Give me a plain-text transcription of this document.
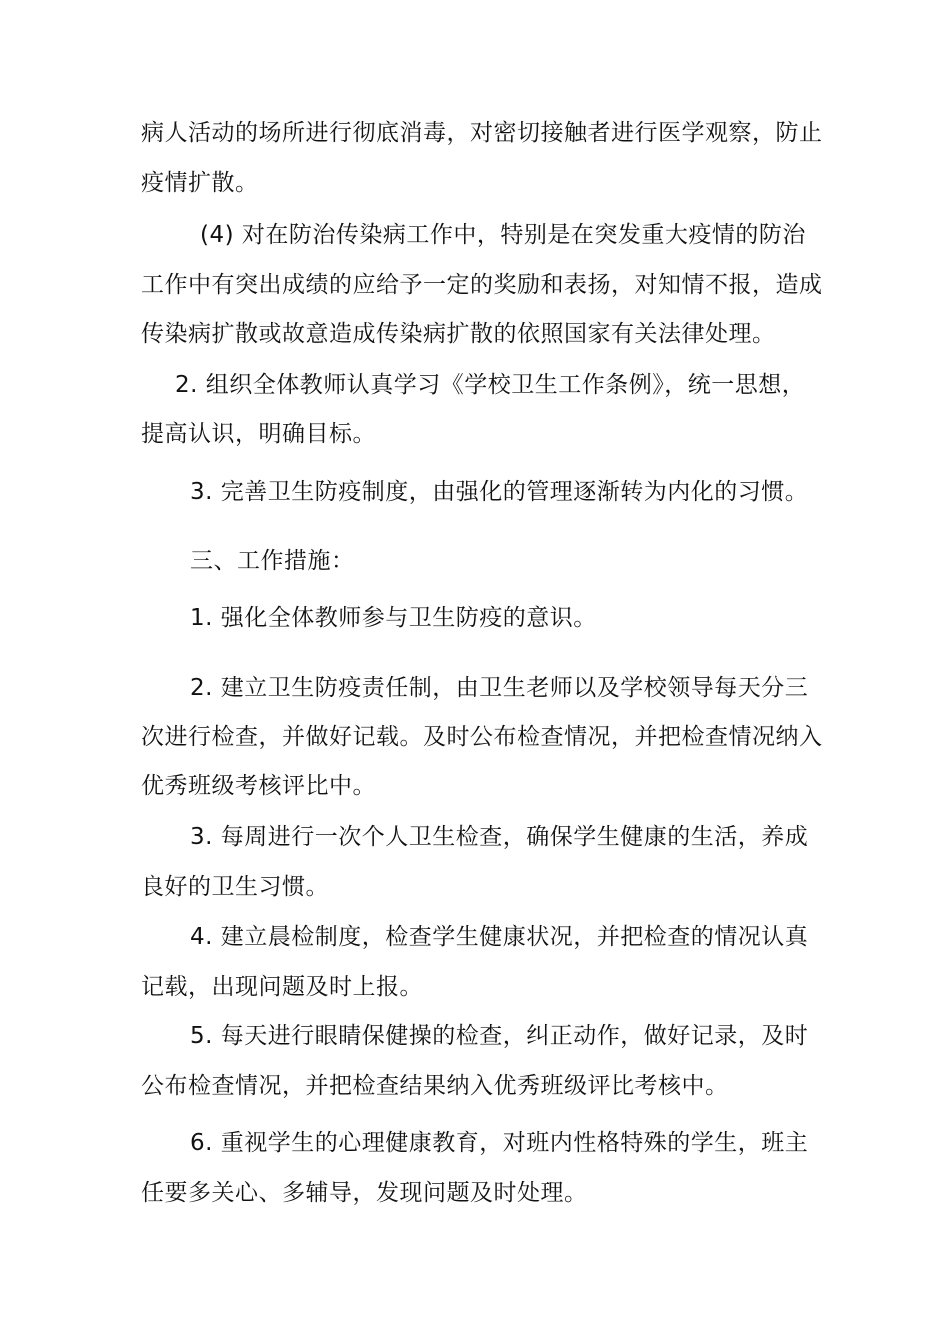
病人活动的场所进行彻底消毒，对密切接触者进行医学观察，防止

疫情扩散。

(4) 对在防治传染病工作中，特别是在突发重大疫情的防治

工作中有突出成绩的应给予一定的奖励和表扬，对知情不报，造成

传染病扩散或故意造成传染病扩散的依照国家有关法律处理。

2. 组织全体教师认真学习《学校卫生工作条例》，统一思想，

提高认识，明确目标。

3. 完善卫生防疫制度，由强化的管理逐渐转为内化的习惯。

三、工作措施：

1. 强化全体教师参与卫生防疫的意识。

2. 建立卫生防疫责任制，由卫生老师以及学校领导每天分三

次进行检查，并做好记载。及时公布检查情况，并把检查情况纳入

优秀班级考核评比中。

3. 每周进行一次个人卫生检查，确保学生健康的生活，养成

良好的卫生习惯。

4. 建立晨检制度，检查学生健康状况，并把检查的情况认真

记载，出现问题及时上报。

5. 每天进行眼睛保健操的检查，纠正动作，做好记录，及时

公布检查情况，并把检查结果纳入优秀班级评比考核中。

6. 重视学生的心理健康教育，对班内性格特殊的学生，班主

任要多关心、多辅导，发现问题及时处理。
